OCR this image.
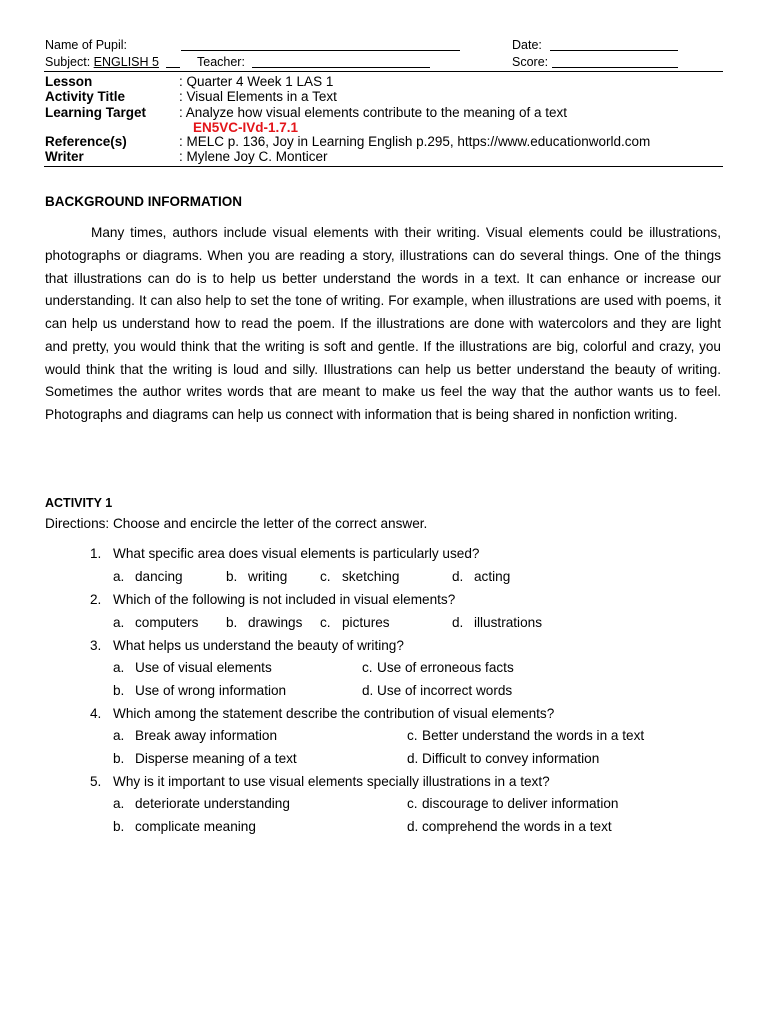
Name of Pupil:	Date:
Subject: ENGLISH 5	Teacher:	Score:
Lesson	: Quarter 4 Week 1 LAS 1
Activity Title	: Visual Elements in a Text
Learning Target	: Analyze how visual elements contribute to the meaning of a text
EN5VC-IVd-1.7.1
Reference(s)	: MELC p. 136, Joy in Learning English p.295, https://www.educationworld.com
Writer	: Mylene Joy C. Monticer
BACKGROUND INFORMATION

Many times, authors include visual elements with their writing. Visual elements could be illustrations, photographs or diagrams. When you are reading a story, illustrations can do several things. One of the things that illustrations can do is to help us better understand the words in a text. It can enhance or increase our understanding. It can also help to set the tone of writing. For example, when illustrations are used with poems, it can help us understand how to read the poem. If the illustrations are done with watercolors and they are light and pretty, you would think that the writing is soft and gentle. If the illustrations are big, colorful and crazy, you would think that the writing is loud and silly. Illustrations can help us better understand the beauty of writing. Sometimes the author writes words that are meant to make us feel the way that the author wants us to feel. Photographs and diagrams can help us connect with information that is being shared in nonfiction writing.

ACTIVITY 1
Directions: Choose and encircle the letter of the correct answer.
1. What specific area does visual elements is particularly used?
a. dancing	b. writing c. sketching	d. acting
2. Which of the following is not included in visual elements?
a. computers b. drawings c. pictures	d. illustrations
3. What helps us understand the beauty of writing?
a. Use of visual elements	c. Use of erroneous facts
b. Use of wrong information	d. Use of incorrect words
4. Which among the statement describe the contribution of visual elements?
a. Break away information	c. Better understand the words in a text
b. Disperse meaning of a text	d. Difficult to convey information
5. Why is it important to use visual elements specially illustrations in a text?
a. deteriorate understanding	c. discourage to deliver information
b. complicate meaning	d. comprehend the words in a text
